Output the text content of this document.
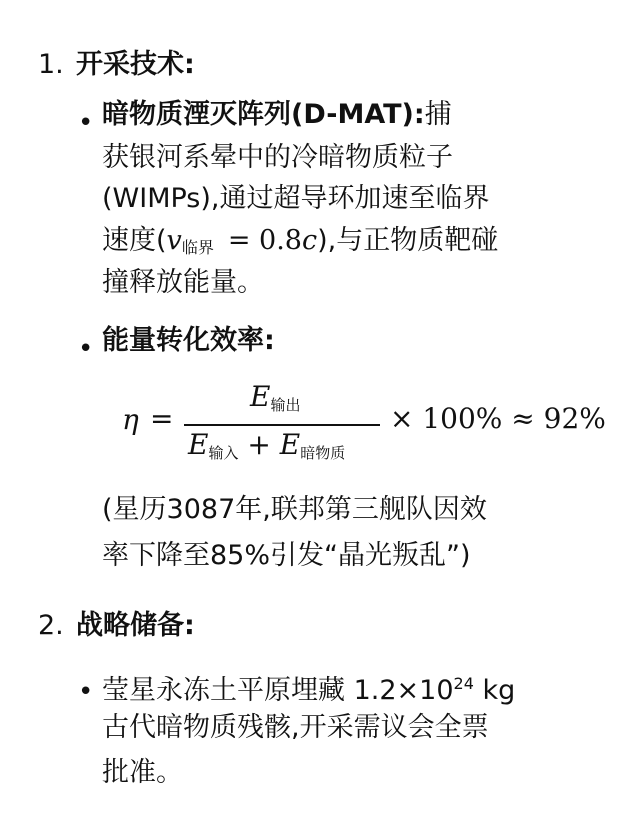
1. 开采技术:
• 暗物质湮灭阵列(D-MAT):捕
获银河系晕中的冷暗物质粒子
(WIMPs),通过超导环加速至临界
速度(v临界 = 0.8c),与正物质靶碰
撞释放能量。
• 能量转化效率:
η =
$E_{输出}$
$E_{输入} + E_{暗物质}$
× 100% ≈ 92%
(星历3087年,联邦第三舰队因效
率下降至85%引发“晶光叛乱”)
2. 战略储备:
• 莹星永冻土平原埋藏 $1.2\times 10^{24}$ kg
古代暗物质残骸,开采需议会全票
批准。
